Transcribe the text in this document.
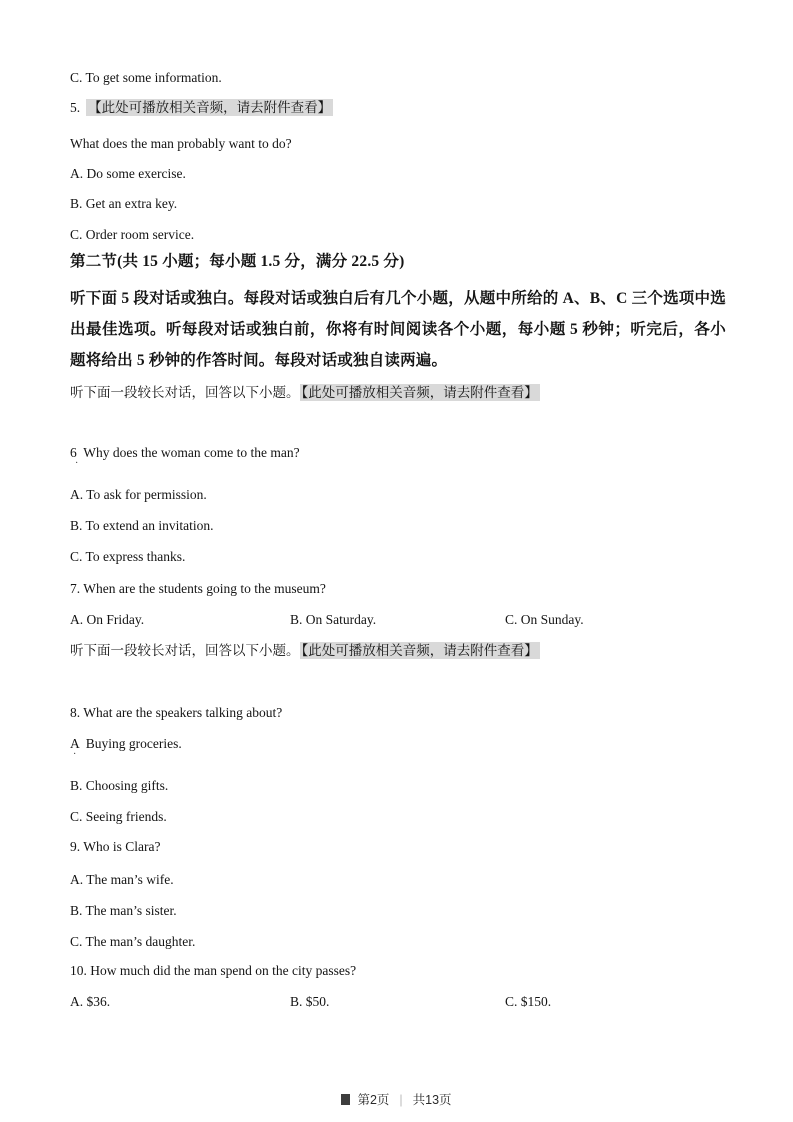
C. To get some information.
5. 【此处可播放相关音频，请去附件查看】
What does the man probably want to do?
A. Do some exercise.
B. Get an extra key.
C. Order room service.
第二节(共 15 小题；每小题 1.5 分，满分 22.5 分)
听下面 5 段对话或独白。每段对话或独白后有几个小题，从题中所给的 A、B、C 三个选项中选出最佳选项。听每段对话或独白前，你将有时间阅读各个小题，每小题 5 秒钟；听完后，各小题将给出 5 秒钟的作答时间。每段对话或独自读两遍。
听下面一段较长对话，回答以下小题。 【此处可播放相关音频，请去附件查看】
6  Why does the woman come to the man?
·
A. To ask for permission.
B. To extend an invitation.
C. To express thanks.
7. When are the students going to the museum?
A. On Friday.	B. On Saturday.	C. On Sunday.
听下面一段较长对话，回答以下小题。 【此处可播放相关音频，请去附件查看】
8. What are the speakers talking about?
A  Buying groceries.
·
B. Choosing gifts.
C. Seeing friends.
9. Who is Clara?
A. The man’s wife.
B. The man’s sister.
C. The man’s daughter.
10. How much did the man spend on the city passes?
A. $36.	B. $50.	C. $150.
第2页 | 共13页
